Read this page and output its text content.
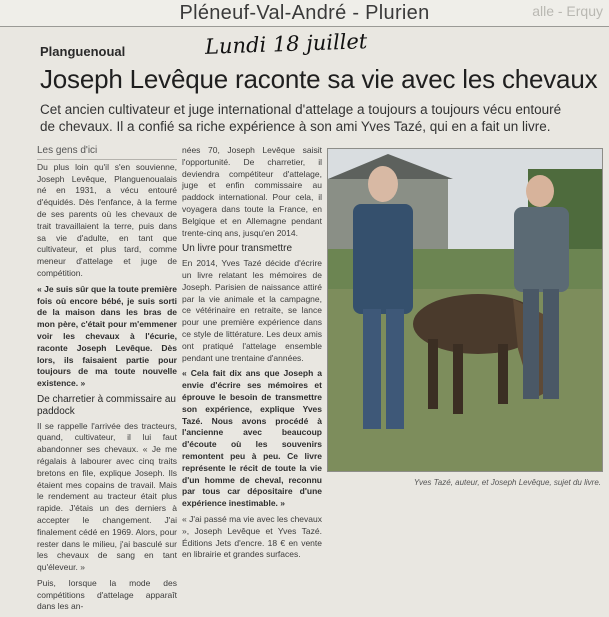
Pléneuf-Val-André - Plurien	alle - Erquy
Planguenoual	Lundi 18 juillet
Joseph Levêque raconte sa vie avec les chevaux
Cet ancien cultivateur et juge international d'attelage a toujours a toujours vécu entouré de chevaux. Il a confié sa riche expérience à son ami Yves Tazé, qui en a fait un livre.
Les gens d'ici

Du plus loin qu'il s'en souvienne, Joseph Levêque, Planguenoualais né en 1931, a vécu entouré d'équidés. Dès l'enfance, à la ferme de ses parents où les chevaux de trait travaillaient la terre, puis dans sa vie d'adulte, en tant que cultivateur, et plus tard, comme meneur d'attelage et juge de compétition.

« Je suis sûr que la toute première fois où encore bébé, je suis sorti de la maison dans les bras de mon père, c'était pour m'emmener voir les chevaux à l'écurie, raconte Joseph Levêque. Dès lors, ils faisaient partie pour toujours de ma toute nouvelle existence. »

De charretier à commissaire au paddock

Il se rappelle l'arrivée des tracteurs, quand, cultivateur, il lui faut abandonner ses chevaux. « Je me régalais à labourer avec cinq traits bretons en file, explique Joseph. Ils étaient mes copains de travail. Mais le rendement au tracteur était plus rapide. J'étais un des derniers à accepter le changement. J'ai finalement cédé en 1969. Alors, pour rester dans le milieu, j'ai basculé sur les chevaux de sang en tant qu'éleveur. »

Puis, lorsque la mode des compétitions d'attelage apparaît dans les an-

nées 70, Joseph Levêque saisit l'opportunité. De charretier, il deviendra compétiteur d'attelage, juge et enfin commissaire au paddock international. Pour cela, il voyagera dans toute la France, en Belgique et en Allemagne pendant trente-cinq ans, jusqu'en 2014.

Un livre pour transmettre

En 2014, Yves Tazé décide d'écrire un livre relatant les mémoires de Joseph. Parisien de naissance attiré par la vie animale et la campagne, ce vétérinaire en retraite, se lance pour une première expérience dans ce style de littérature. Les deux amis ont pratiqué l'attelage ensemble pendant une trentaine d'années.

« Cela fait dix ans que Joseph a envie d'écrire ses mémoires et éprouve le besoin de transmettre son expérience, explique Yves Tazé. Nous avons procédé à l'ancienne avec beaucoup d'écoute où les souvenirs remontent peu à peu. Ce livre représente le récit de toute la vie d'un homme de cheval, reconnu par tous car dépositaire d'une expérience inestimable. »

« J'ai passé ma vie avec les chevaux », Joseph Levêque et Yves Tazé. Éditions Jets d'encre. 18 € en vente en librairie et grandes surfaces.

Yves Tazé, auteur, et Joseph Levêque, sujet du livre.
